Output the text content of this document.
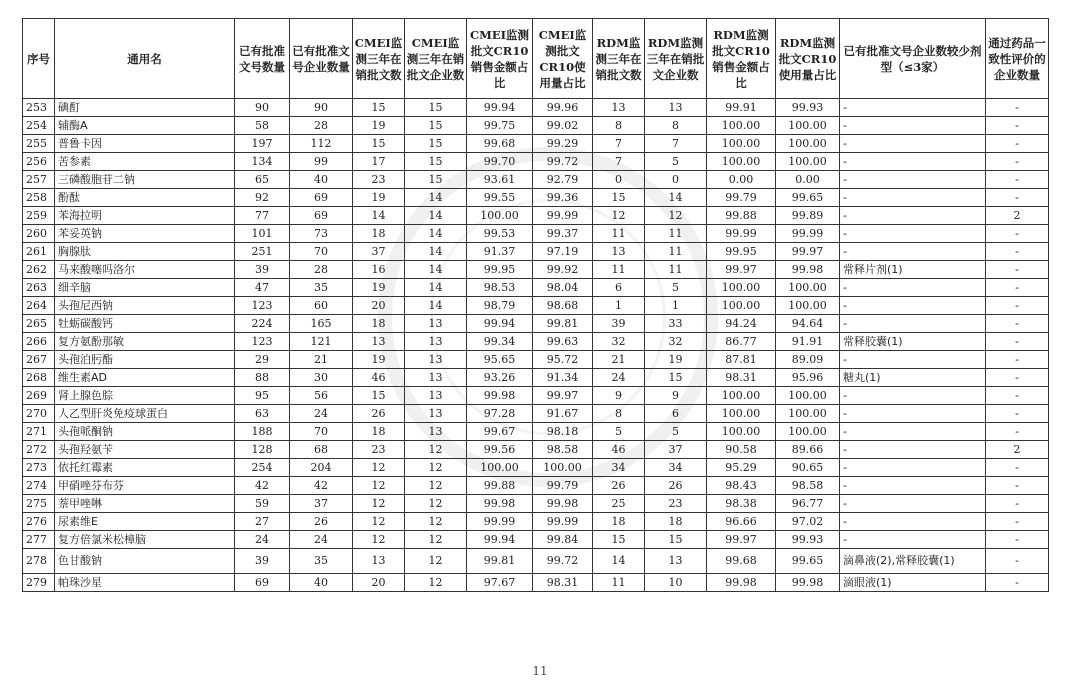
序号	通用名	已有批准文号数量	已有批准文号企业数量	CMEI监测三年在销批文数	CMEI监测三年在销批文企业数	CMEI监测批文CR10销售金额占比	CMEI监测批文CR10使用量占比	RDM监测三年在销批文数	RDM监测三年在销批文企业数	RDM监测批文CR10销售金额占比	RDM监测批文CR10使用量占比	已有批准文号企业数较少剂型（≤3家）	通过药品一致性评价的企业数量
253	碘酊	90	90	15	15	99.94	99.96	13	13	99.91	99.93	-	-
254	辅酶A	58	28	19	15	99.75	99.02	8	8	100.00	100.00	-	-
255	普鲁卡因	197	112	15	15	99.68	99.29	7	7	100.00	100.00	-	-
256	苦参素	134	99	17	15	99.70	99.72	7	5	100.00	100.00	-	-
257	三磷酸胞苷二钠	65	40	23	15	93.61	92.79	0	0	0.00	0.00	-	-
258	酚酞	92	69	19	14	99.55	99.36	15	14	99.79	99.65	-	-
259	苯海拉明	77	69	14	14	100.00	99.99	12	12	99.88	99.89	-	2
260	苯妥英钠	101	73	18	14	99.53	99.37	11	11	99.99	99.99	-	-
261	胸腺肽	251	70	37	14	91.37	97.19	13	11	99.95	99.97	-	-
262	马来酸噻吗洛尔	39	28	16	14	99.95	99.92	11	11	99.97	99.98	常释片剂(1)	-
263	细辛脑	47	35	19	14	98.53	98.04	6	5	100.00	100.00	-	-
264	头孢尼西钠	123	60	20	14	98.79	98.68	1	1	100.00	100.00	-	-
265	牡蛎碳酸钙	224	165	18	13	99.94	99.81	39	33	94.24	94.64	-	-
266	复方氨酚那敏	123	121	13	13	99.34	99.63	32	32	86.77	91.91	常释胶囊(1)	-
267	头孢泊肟酯	29	21	19	13	95.65	95.72	21	19	87.81	89.09	-	-
268	维生素AD	88	30	46	13	93.26	91.34	24	15	98.31	95.96	糖丸(1)	-
269	肾上腺色腙	95	56	15	13	99.98	99.97	9	9	100.00	100.00	-	-
270	人乙型肝炎免疫球蛋白	63	24	26	13	97.28	91.67	8	6	100.00	100.00	-	-
271	头孢哌酮钠	188	70	18	13	99.67	98.18	5	5	100.00	100.00	-	-
272	头孢羟氨苄	128	68	23	12	99.56	98.58	46	37	90.58	89.66	-	2
273	依托红霉素	254	204	12	12	100.00	100.00	34	34	95.29	90.65	-	-
274	甲硝唑芬布芬	42	42	12	12	99.88	99.79	26	26	98.43	98.58	-	-
275	萘甲唑啉	59	37	12	12	99.98	99.98	25	23	98.38	96.77	-	-
276	尿素维E	27	26	12	12	99.99	99.99	18	18	96.66	97.02	-	-
277	复方倍氯米松樟脑	24	24	12	12	99.94	99.84	15	15	99.97	99.93	-	-
278	色甘酸钠	39	35	13	12	99.81	99.72	14	13	99.68	99.65	滴鼻液(2),常释胶囊(1)	-
279	帕珠沙星	69	40	20	12	97.67	98.31	11	10	99.98	99.98	滴眼液(1)	-
11
